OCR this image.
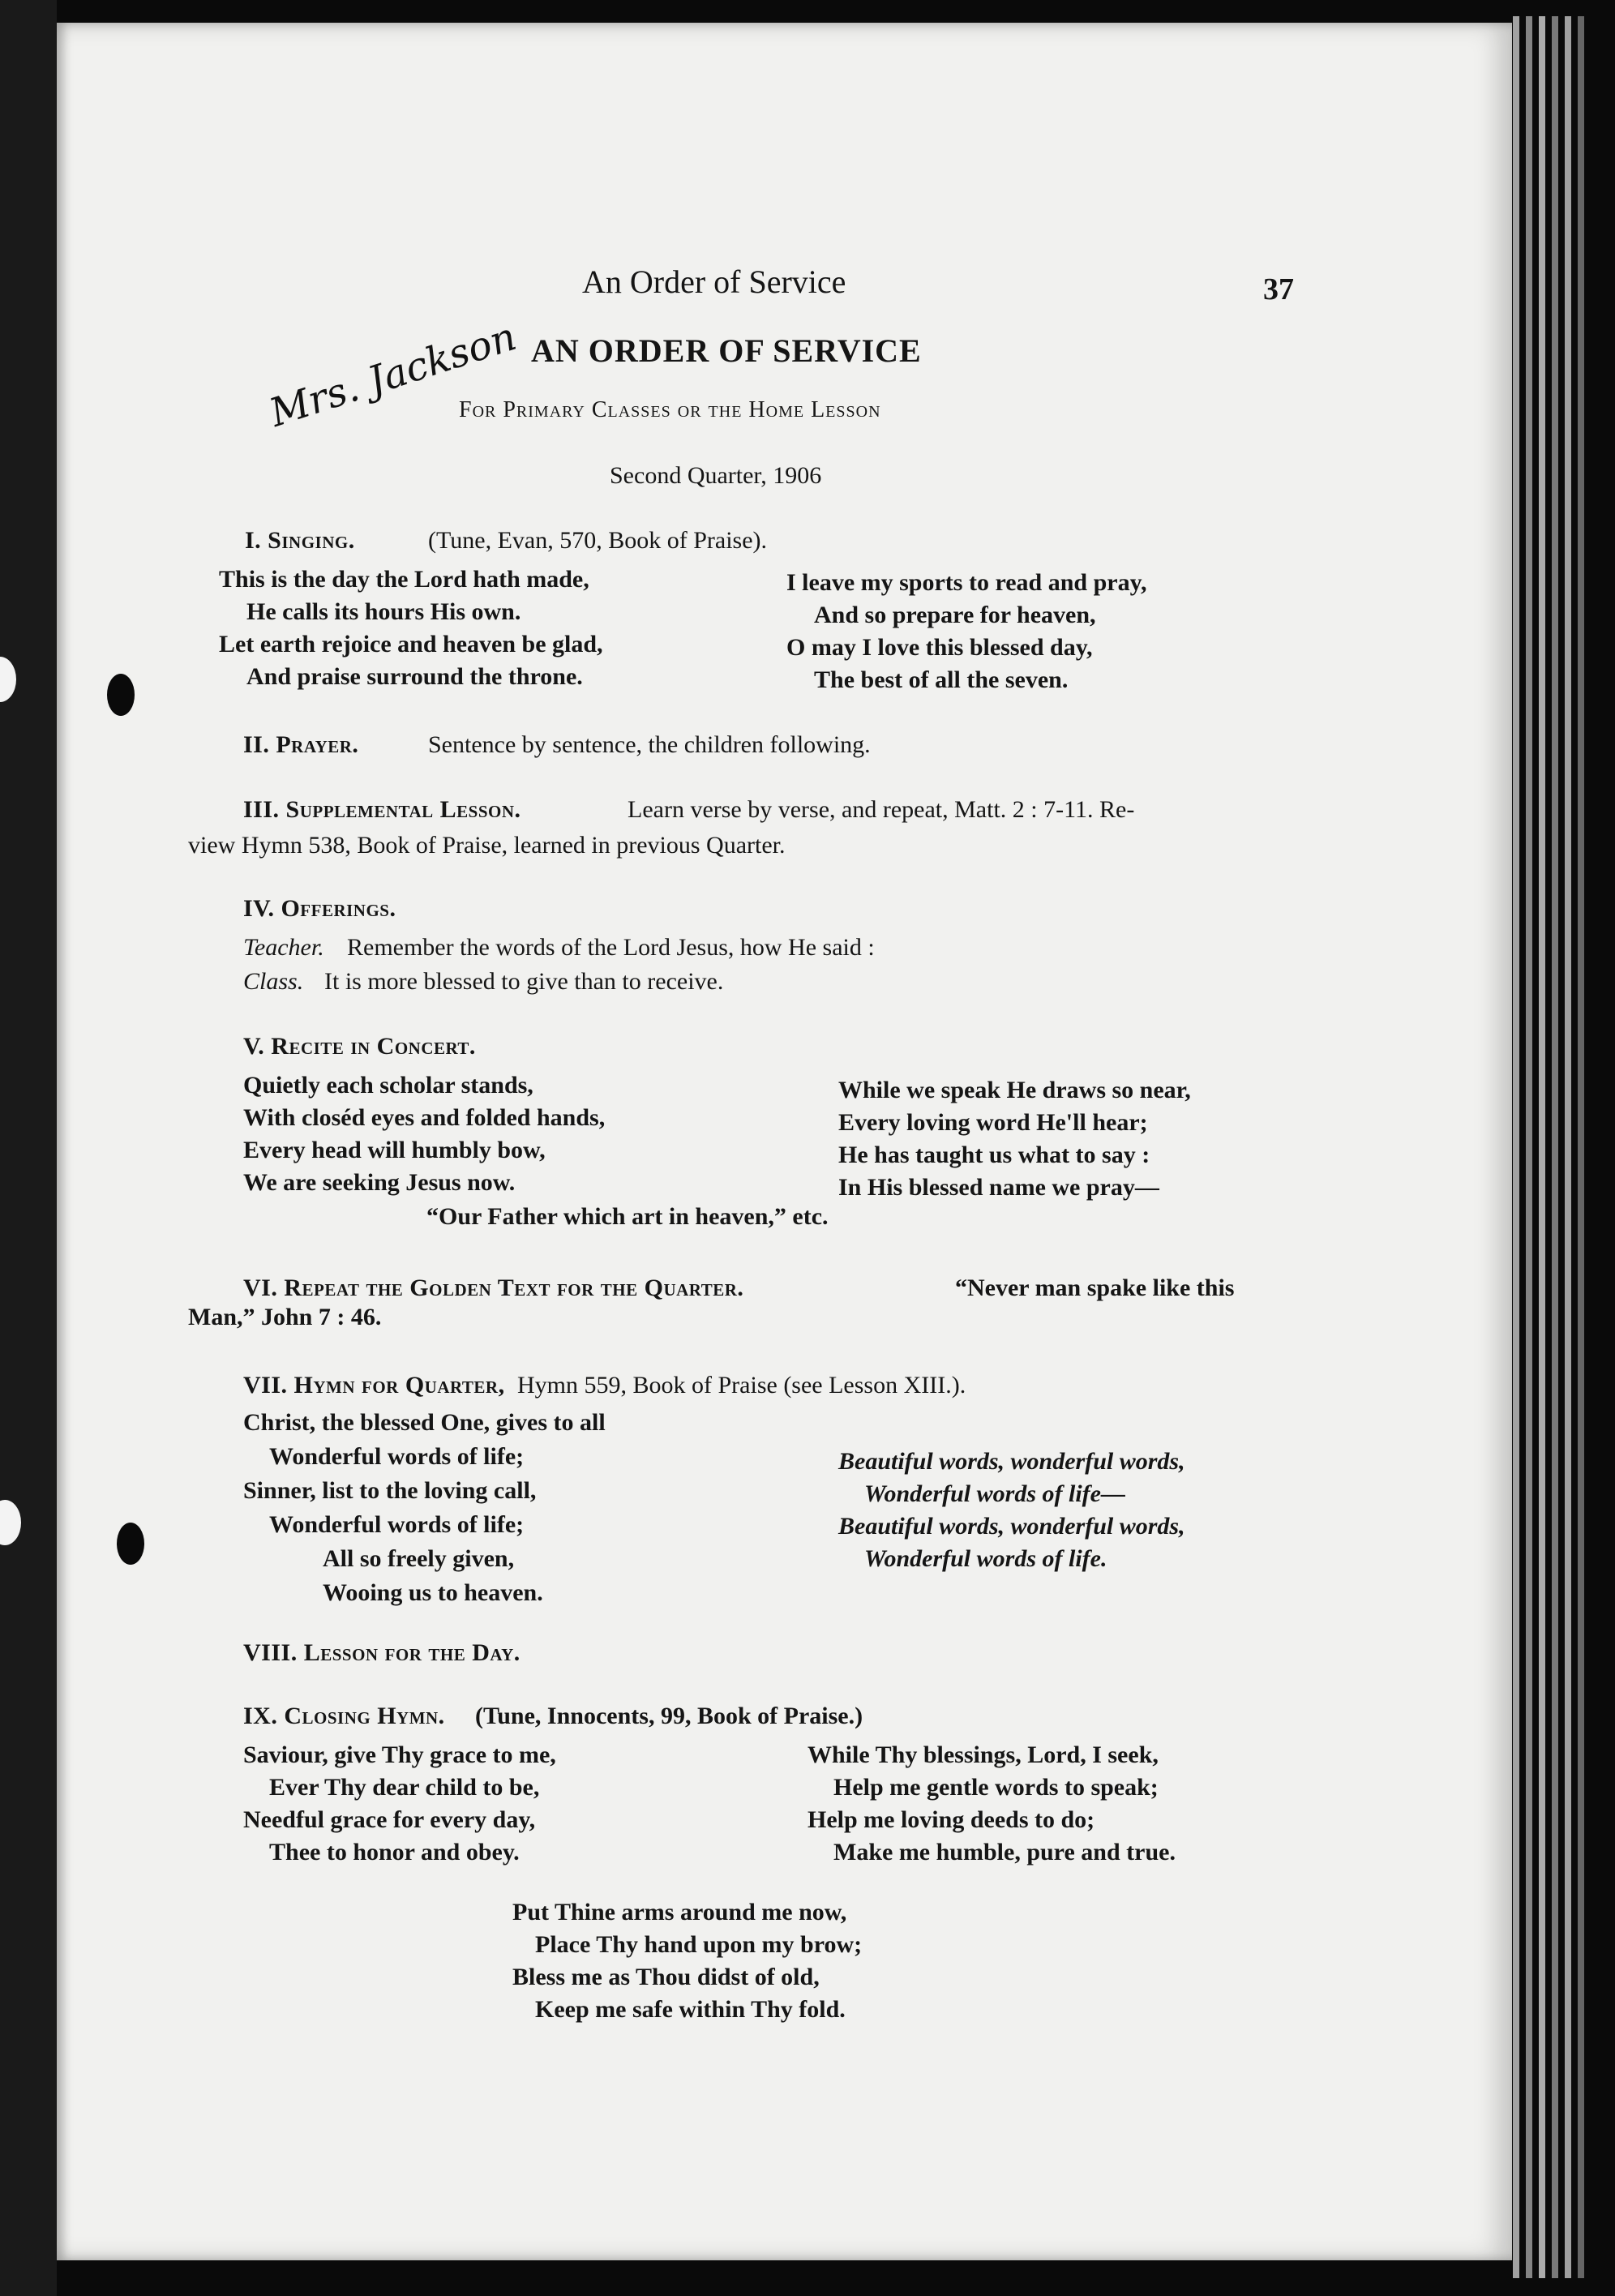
An Order of Service	37
Mrs. Jackson AN ORDER OF SERVICE
For Primary Classes or the Home Lesson
Second Quarter, 1906
I. Singing.	(Tune, Evan, 570, Book of Praise).
This is the day the Lord hath made,
He calls its hours His own.
Let earth rejoice and heaven be glad,
And praise surround the throne.
I leave my sports to read and pray,
And so prepare for heaven,
O may I love this blessed day,
The best of all the seven.
II. Prayer.	Sentence by sentence, the children following.
III. Supplemental Lesson.	Learn verse by verse, and repeat, Matt. 2 : 7-11. Re-
view Hymn 538, Book of Praise, learned in previous Quarter.
IV. Offerings.
Teacher. Remember the words of the Lord Jesus, how He said :
Class. It is more blessed to give than to receive.
V. Recite in Concert.
Quietly each scholar stands,
With closéd eyes and folded hands,
Every head will humbly bow,
We are seeking Jesus now.
While we speak He draws so near,
Every loving word He'll hear;
He has taught us what to say :
In His blessed name we pray—
“Our Father which art in heaven,” etc.
VI. Repeat the Golden Text for the Quarter.	“Never man spake like this
Man,” John 7 : 46.
VII. Hymn for Quarter, Hymn 559, Book of Praise (see Lesson XIII.).
Christ, the blessed One, gives to all
Wonderful words of life;
Sinner, list to the loving call,
Wonderful words of life;
All so freely given,
Wooing us to heaven.
Beautiful words, wonderful words,
Wonderful words of life—
Beautiful words, wonderful words,
Wonderful words of life.
VIII. Lesson for the Day.
IX. Closing Hymn. (Tune, Innocents, 99, Book of Praise.)
Saviour, give Thy grace to me,
Ever Thy dear child to be,
Needful grace for every day,
Thee to honor and obey.
While Thy blessings, Lord, I seek,
Help me gentle words to speak;
Help me loving deeds to do;
Make me humble, pure and true.
Put Thine arms around me now,
Place Thy hand upon my brow;
Bless me as Thou didst of old,
Keep me safe within Thy fold.
